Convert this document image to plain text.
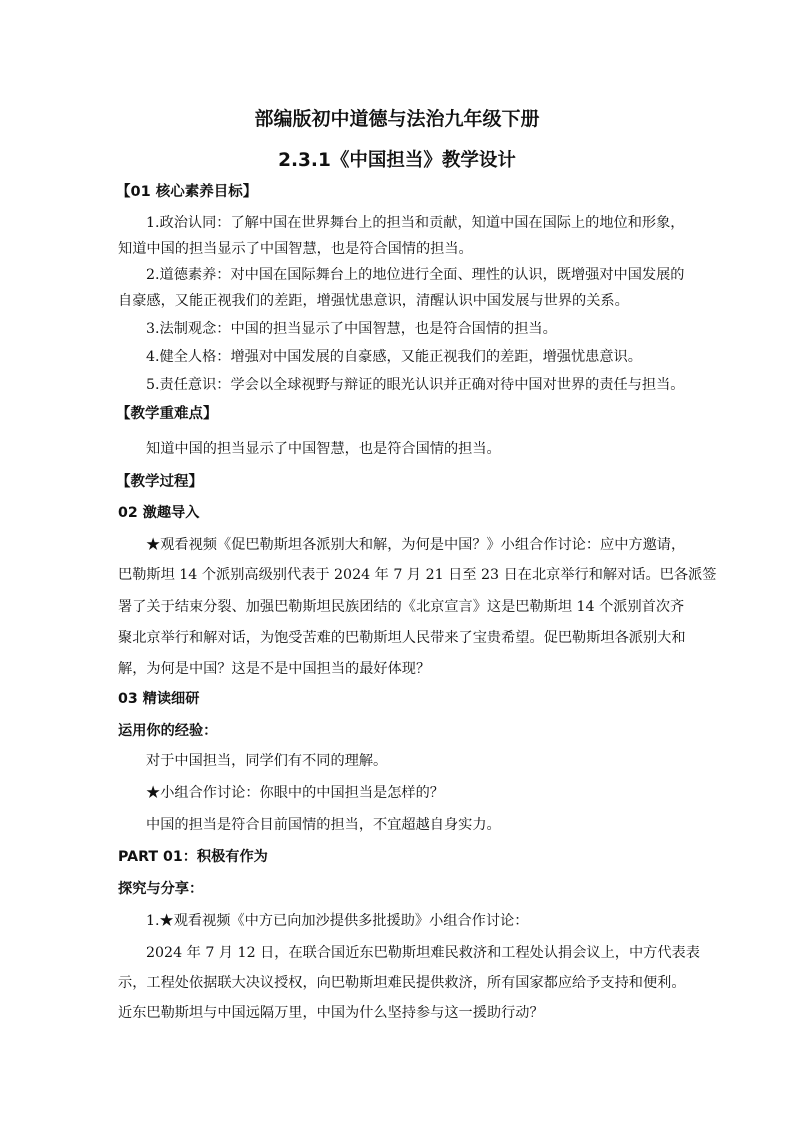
部编版初中道德与法治九年级下册
2.3.1《中国担当》教学设计
【01 核心素养目标】
1.政治认同：了解中国在世界舞台上的担当和贡献，知道中国在国际上的地位和形象，
知道中国的担当显示了中国智慧，也是符合国情的担当。
2.道德素养：对中国在国际舞台上的地位进行全面、理性的认识，既增强对中国发展的
自豪感，又能正视我们的差距，增强忧患意识，清醒认识中国发展与世界的关系。
3.法制观念：中国的担当显示了中国智慧，也是符合国情的担当。
4.健全人格：增强对中国发展的自豪感，又能正视我们的差距，增强忧患意识。
5.责任意识：学会以全球视野与辩证的眼光认识并正确对待中国对世界的责任与担当。
【教学重难点】
知道中国的担当显示了中国智慧，也是符合国情的担当。
【教学过程】
02 激趣导入
★观看视频《促巴勒斯坦各派别大和解，为何是中国？》小组合作讨论：应中方邀请，
巴勒斯坦 14 个派别高级别代表于 2024 年 7 月 21 日至 23 日在北京举行和解对话。巴各派签
署了关于结束分裂、加强巴勒斯坦民族团结的《北京宣言》这是巴勒斯坦 14 个派别首次齐
聚北京举行和解对话，为饱受苦难的巴勒斯坦人民带来了宝贵希望。促巴勒斯坦各派别大和
解，为何是中国？这是不是中国担当的最好体现？
03 精读细研
运用你的经验：
对于中国担当，同学们有不同的理解。
★小组合作讨论：你眼中的中国担当是怎样的？
中国的担当是符合目前国情的担当，不宜超越自身实力。
PART 01：积极有作为
探究与分享：
1.★观看视频《中方已向加沙提供多批援助》小组合作讨论：
2024 年 7 月 12 日，在联合国近东巴勒斯坦难民救济和工程处认捐会议上，中方代表表
示，工程处依据联大决议授权，向巴勒斯坦难民提供救济，所有国家都应给予支持和便利。
近东巴勒斯坦与中国远隔万里，中国为什么坚持参与这一援助行动？
